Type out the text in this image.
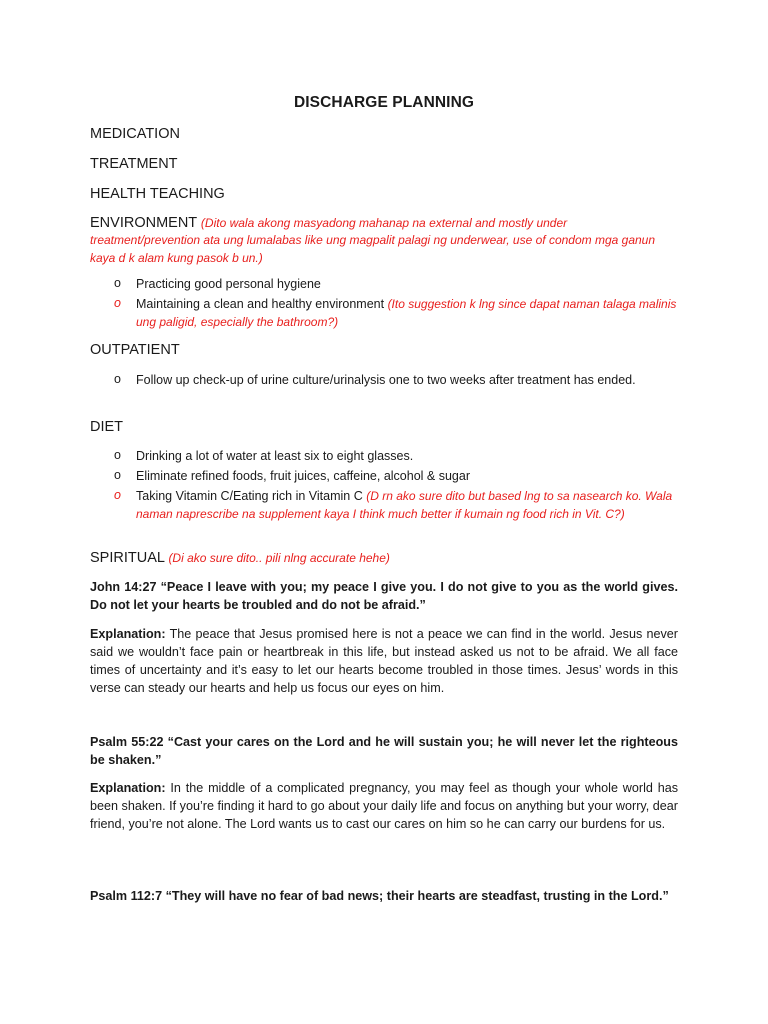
DISCHARGE PLANNING
MEDICATION
TREATMENT
HEALTH TEACHING
ENVIRONMENT (Dito wala akong masyadong mahanap na external and mostly under
treatment/prevention ata ung lumalabas like ung magpalit palagi ng underwear, use of condom mga ganun kaya d k alam kung pasok b un.)
o Practicing good personal hygiene
o Maintaining a clean and healthy environment (Ito suggestion k lng since dapat naman talaga malinis ung paligid, especially the bathroom?)
OUTPATIENT
o Follow up check-up of urine culture/urinalysis one to two weeks after treatment has ended.
DIET
o Drinking a lot of water at least six to eight glasses.
o Eliminate refined foods, fruit juices, caffeine, alcohol & sugar
o Taking Vitamin C/Eating rich in Vitamin C (D rn ako sure dito but based lng to sa nasearch ko. Wala naman naprescribe na supplement kaya I think much better if kumain ng food rich in Vit. C?)
SPIRITUAL (Di ako sure dito.. pili nlng accurate hehe)
John 14:27 “Peace I leave with you; my peace I give you. I do not give to you as the world gives. Do not let your hearts be troubled and do not be afraid.”
Explanation: The peace that Jesus promised here is not a peace we can find in the world. Jesus never said we wouldn’t face pain or heartbreak in this life, but instead asked us not to be afraid. We all face times of uncertainty and it’s easy to let our hearts become troubled in those times. Jesus’ words in this verse can steady our hearts and help us focus our eyes on him.
Psalm 55:22 “Cast your cares on the Lord and he will sustain you; he will never let the righteous be shaken.”
Explanation: In the middle of a complicated pregnancy, you may feel as though your whole world has been shaken. If you’re finding it hard to go about your daily life and focus on anything but your worry, dear friend, you’re not alone. The Lord wants us to cast our cares on him so he can carry our burdens for us.
Psalm 112:7 “They will have no fear of bad news; their hearts are steadfast, trusting in the Lord.”
